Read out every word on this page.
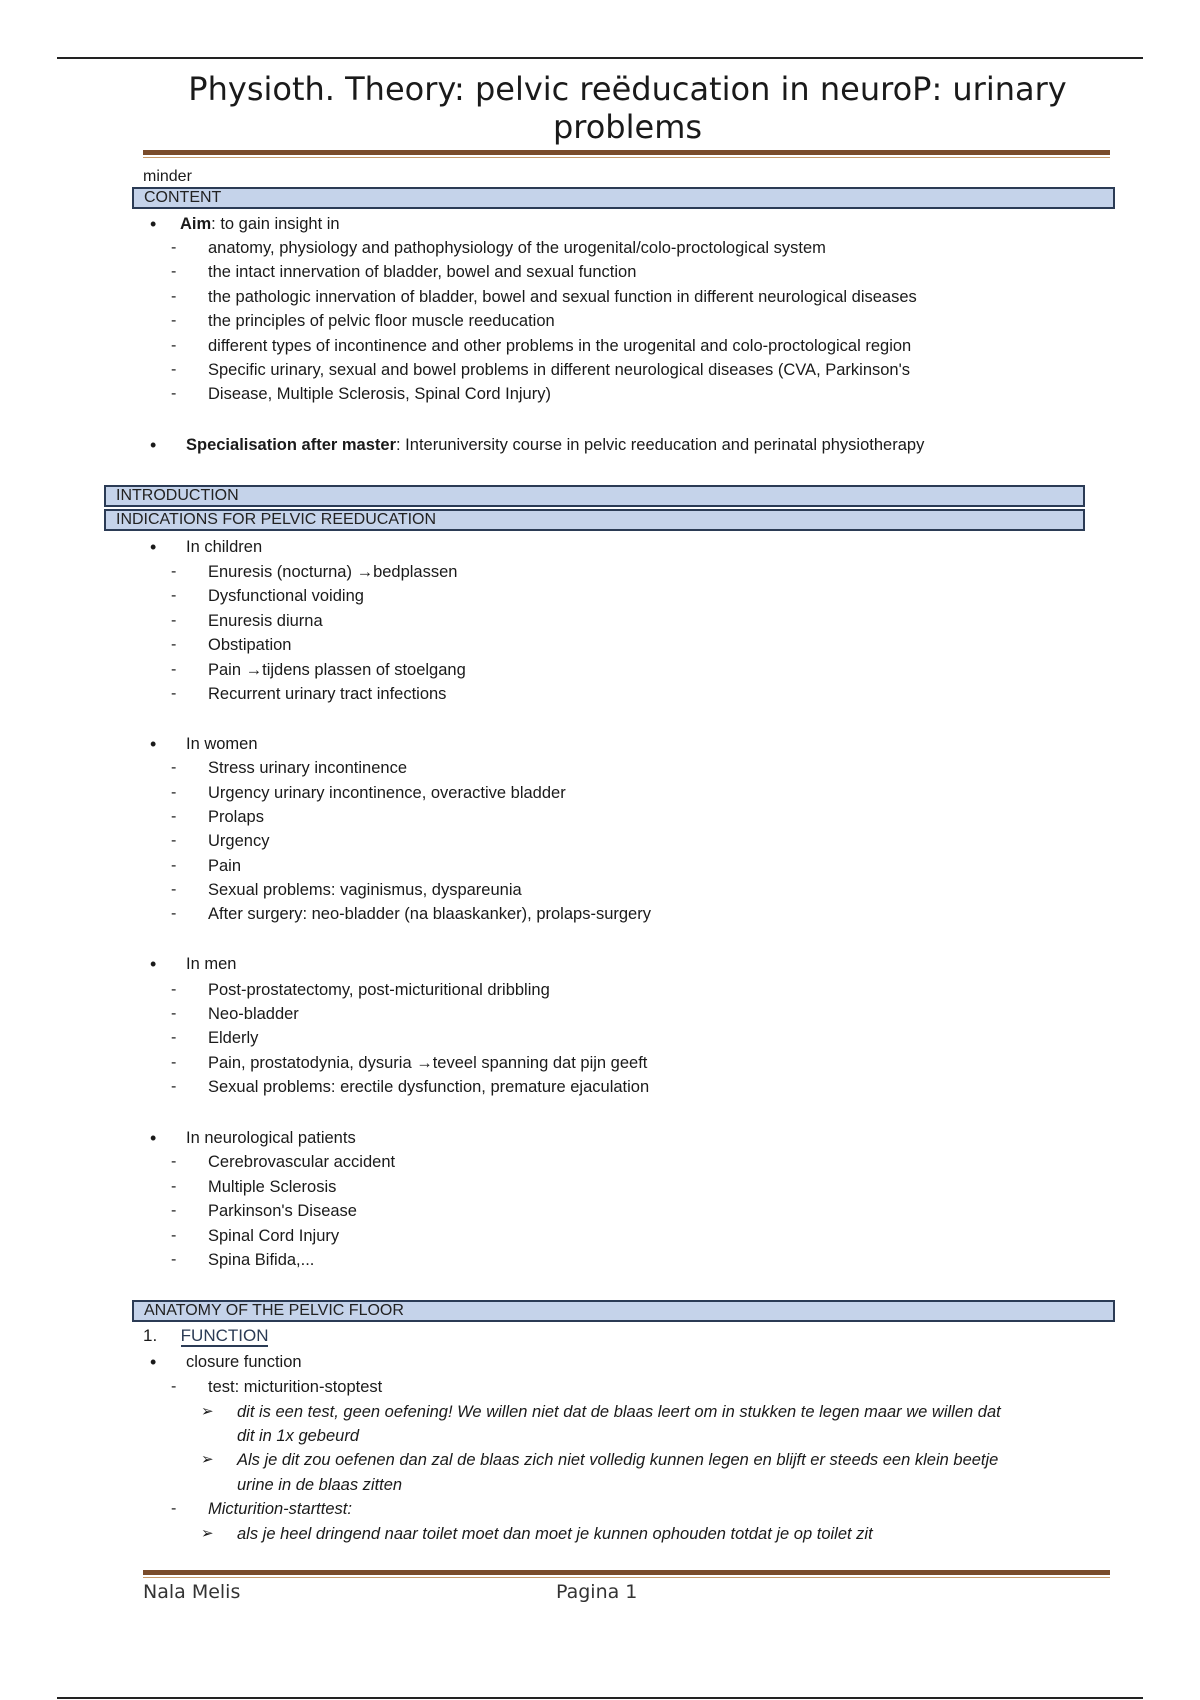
Physioth. Theory: pelvic reëducation in neuroP: urinary problems
minder
CONTENT
• Aim: to gain insight in
- anatomy, physiology and pathophysiology of the urogenital/colo-proctological system
- the intact innervation of bladder, bowel and sexual function
- the pathologic innervation of bladder, bowel and sexual function in different neurological diseases
- the principles of pelvic floor muscle reeducation
- different types of incontinence and other problems in the urogenital and colo-proctological region
- Specific urinary, sexual and bowel problems in different neurological diseases (CVA, Parkinson's
- Disease, Multiple Sclerosis, Spinal Cord Injury)
• Specialisation after master: Interuniversity course in pelvic reeducation and perinatal physiotherapy
INTRODUCTION
INDICATIONS FOR PELVIC REEDUCATION
• In children
- Enuresis (nocturna) →bedplassen
- Dysfunctional voiding
- Enuresis diurna
- Obstipation
- Pain →tijdens plassen of stoelgang
- Recurrent urinary tract infections
• In women
- Stress urinary incontinence
- Urgency urinary incontinence, overactive bladder
- Prolaps
- Urgency
- Pain
- Sexual problems: vaginismus, dyspareunia
- After surgery: neo-bladder (na blaaskanker), prolaps-surgery
• In men
- Post-prostatectomy, post-micturitional dribbling
- Neo-bladder
- Elderly
- Pain, prostatodynia, dysuria →teveel spanning dat pijn geeft
- Sexual problems: erectile dysfunction, premature ejaculation
• In neurological patients
- Cerebrovascular accident
- Multiple Sclerosis
- Parkinson's Disease
- Spinal Cord Injury
- Spina Bifida,...
ANATOMY OF THE PELVIC FLOOR
1. FUNCTION
• closure function
- test: micturition-stoptest
➢ dit is een test, geen oefening! We willen niet dat de blaas leert om in stukken te legen maar we willen dat
dit in 1x gebeurd
➢ Als je dit zou oefenen dan zal de blaas zich niet volledig kunnen legen en blijft er steeds een klein beetje
urine in de blaas zitten
- Micturition-starttest:
➢ als je heel dringend naar toilet moet dan moet je kunnen ophouden totdat je op toilet zit
Nala Melis	Pagina 1
